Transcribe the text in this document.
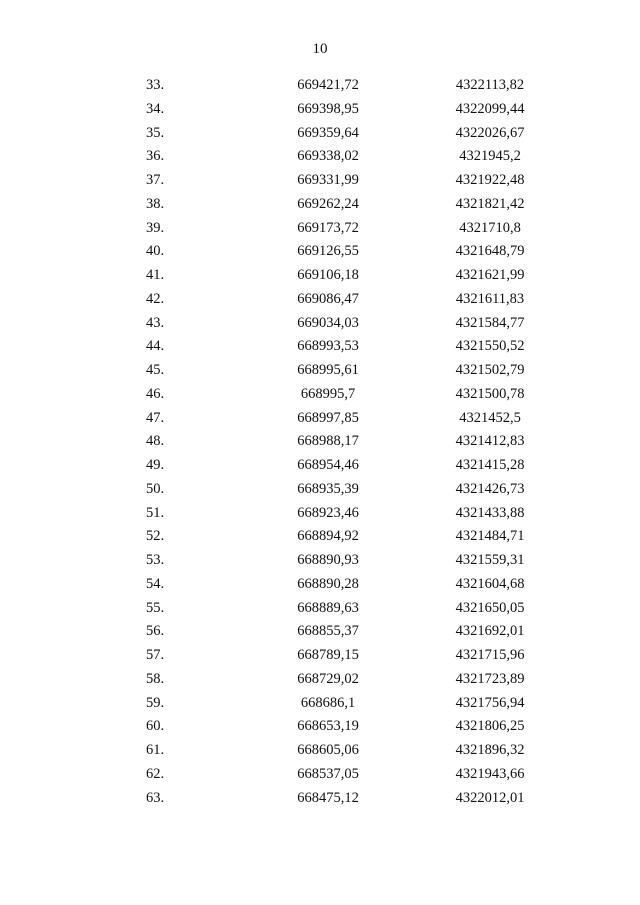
10
33.	669421,72	4322113,82
34.	669398,95	4322099,44
35.	669359,64	4322026,67
36.	669338,02	4321945,2
37.	669331,99	4321922,48
38.	669262,24	4321821,42
39.	669173,72	4321710,8
40.	669126,55	4321648,79
41.	669106,18	4321621,99
42.	669086,47	4321611,83
43.	669034,03	4321584,77
44.	668993,53	4321550,52
45.	668995,61	4321502,79
46.	668995,7	4321500,78
47.	668997,85	4321452,5
48.	668988,17	4321412,83
49.	668954,46	4321415,28
50.	668935,39	4321426,73
51.	668923,46	4321433,88
52.	668894,92	4321484,71
53.	668890,93	4321559,31
54.	668890,28	4321604,68
55.	668889,63	4321650,05
56.	668855,37	4321692,01
57.	668789,15	4321715,96
58.	668729,02	4321723,89
59.	668686,1	4321756,94
60.	668653,19	4321806,25
61.	668605,06	4321896,32
62.	668537,05	4321943,66
63.	668475,12	4322012,01
